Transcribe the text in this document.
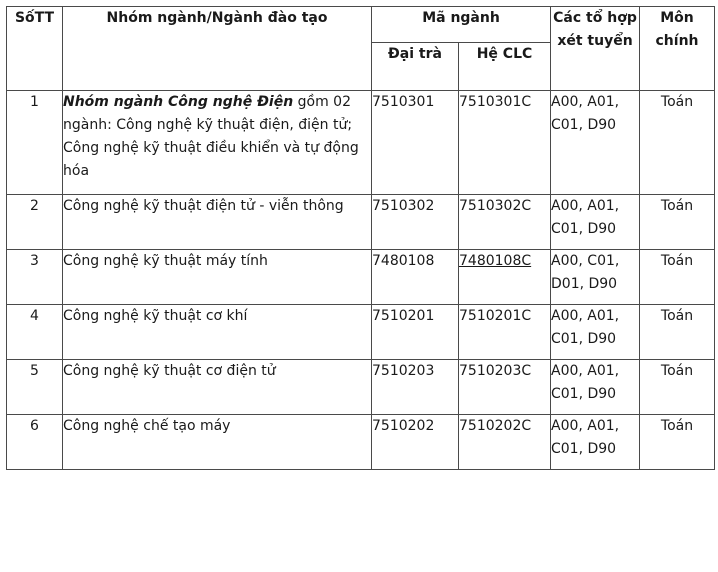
SốTT	Nhóm ngành/Ngành đào tạo	Mã ngành		Các tổ hợp xét tuyển	Môn chính
		Đại trà	Hệ CLC		
1	Nhóm ngành Công nghệ Điện gồm 02 ngành: Công nghệ kỹ thuật điện, điện tử; Công nghệ kỹ thuật điều khiển và tự động hóa	7510301	7510301C	A00, A01, C01, D90	Toán
2	Công nghệ kỹ thuật điện tử - viễn thông	7510302	7510302C	A00, A01, C01, D90	Toán
3	Công nghệ kỹ thuật máy tính	7480108	7480108C	A00, C01, D01, D90	Toán
4	Công nghệ kỹ thuật cơ khí	7510201	7510201C	A00, A01, C01, D90	Toán
5	Công nghệ kỹ thuật cơ điện tử	7510203	7510203C	A00, A01, C01, D90	Toán
6	Công nghệ chế tạo máy	7510202	7510202C	A00, A01, C01, D90	Toán
